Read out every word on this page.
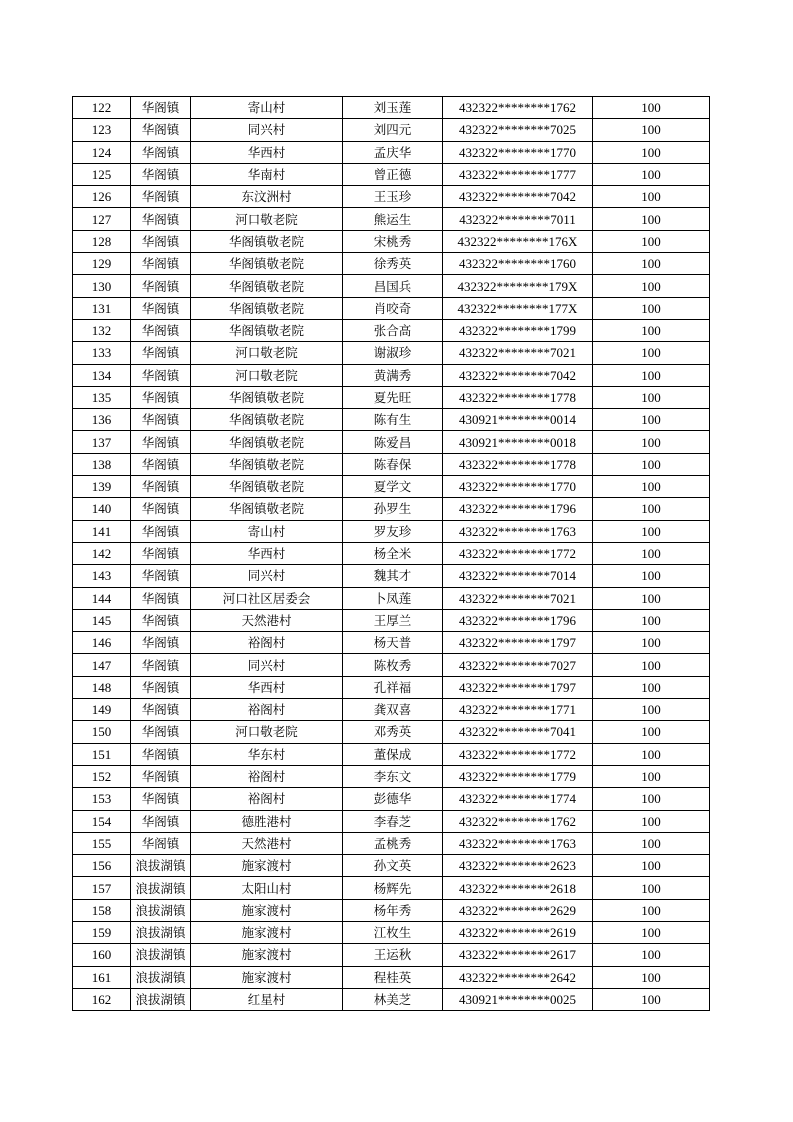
122	华阁镇	寄山村	刘玉莲	432322********1762	100
123	华阁镇	同兴村	刘四元	432322********7025	100
124	华阁镇	华西村	孟庆华	432322********1770	100
125	华阁镇	华南村	曾正德	432322********1777	100
126	华阁镇	东汶洲村	王玉珍	432322********7042	100
127	华阁镇	河口敬老院	熊运生	432322********7011	100
128	华阁镇	华阁镇敬老院	宋桃秀	432322********176X	100
129	华阁镇	华阁镇敬老院	徐秀英	432322********1760	100
130	华阁镇	华阁镇敬老院	昌国兵	432322********179X	100
131	华阁镇	华阁镇敬老院	肖咬奇	432322********177X	100
132	华阁镇	华阁镇敬老院	张合高	432322********1799	100
133	华阁镇	河口敬老院	谢淑珍	432322********7021	100
134	华阁镇	河口敬老院	黄满秀	432322********7042	100
135	华阁镇	华阁镇敬老院	夏先旺	432322********1778	100
136	华阁镇	华阁镇敬老院	陈有生	430921********0014	100
137	华阁镇	华阁镇敬老院	陈爱昌	430921********0018	100
138	华阁镇	华阁镇敬老院	陈春保	432322********1778	100
139	华阁镇	华阁镇敬老院	夏学文	432322********1770	100
140	华阁镇	华阁镇敬老院	孙罗生	432322********1796	100
141	华阁镇	寄山村	罗友珍	432322********1763	100
142	华阁镇	华西村	杨全米	432322********1772	100
143	华阁镇	同兴村	魏其才	432322********7014	100
144	华阁镇	河口社区居委会	卜凤莲	432322********7021	100
145	华阁镇	天然港村	王厚兰	432322********1796	100
146	华阁镇	裕阁村	杨天普	432322********1797	100
147	华阁镇	同兴村	陈枚秀	432322********7027	100
148	华阁镇	华西村	孔祥福	432322********1797	100
149	华阁镇	裕阁村	龚双喜	432322********1771	100
150	华阁镇	河口敬老院	邓秀英	432322********7041	100
151	华阁镇	华东村	董保成	432322********1772	100
152	华阁镇	裕阁村	李东文	432322********1779	100
153	华阁镇	裕阁村	彭德华	432322********1774	100
154	华阁镇	德胜港村	李春芝	432322********1762	100
155	华阁镇	天然港村	孟桃秀	432322********1763	100
156	浪拔湖镇	施家渡村	孙文英	432322********2623	100
157	浪拔湖镇	太阳山村	杨辉先	432322********2618	100
158	浪拔湖镇	施家渡村	杨年秀	432322********2629	100
159	浪拔湖镇	施家渡村	江枚生	432322********2619	100
160	浪拔湖镇	施家渡村	王运秋	432322********2617	100
161	浪拔湖镇	施家渡村	程桂英	432322********2642	100
162	浪拔湖镇	红星村	林美芝	430921********0025	100
